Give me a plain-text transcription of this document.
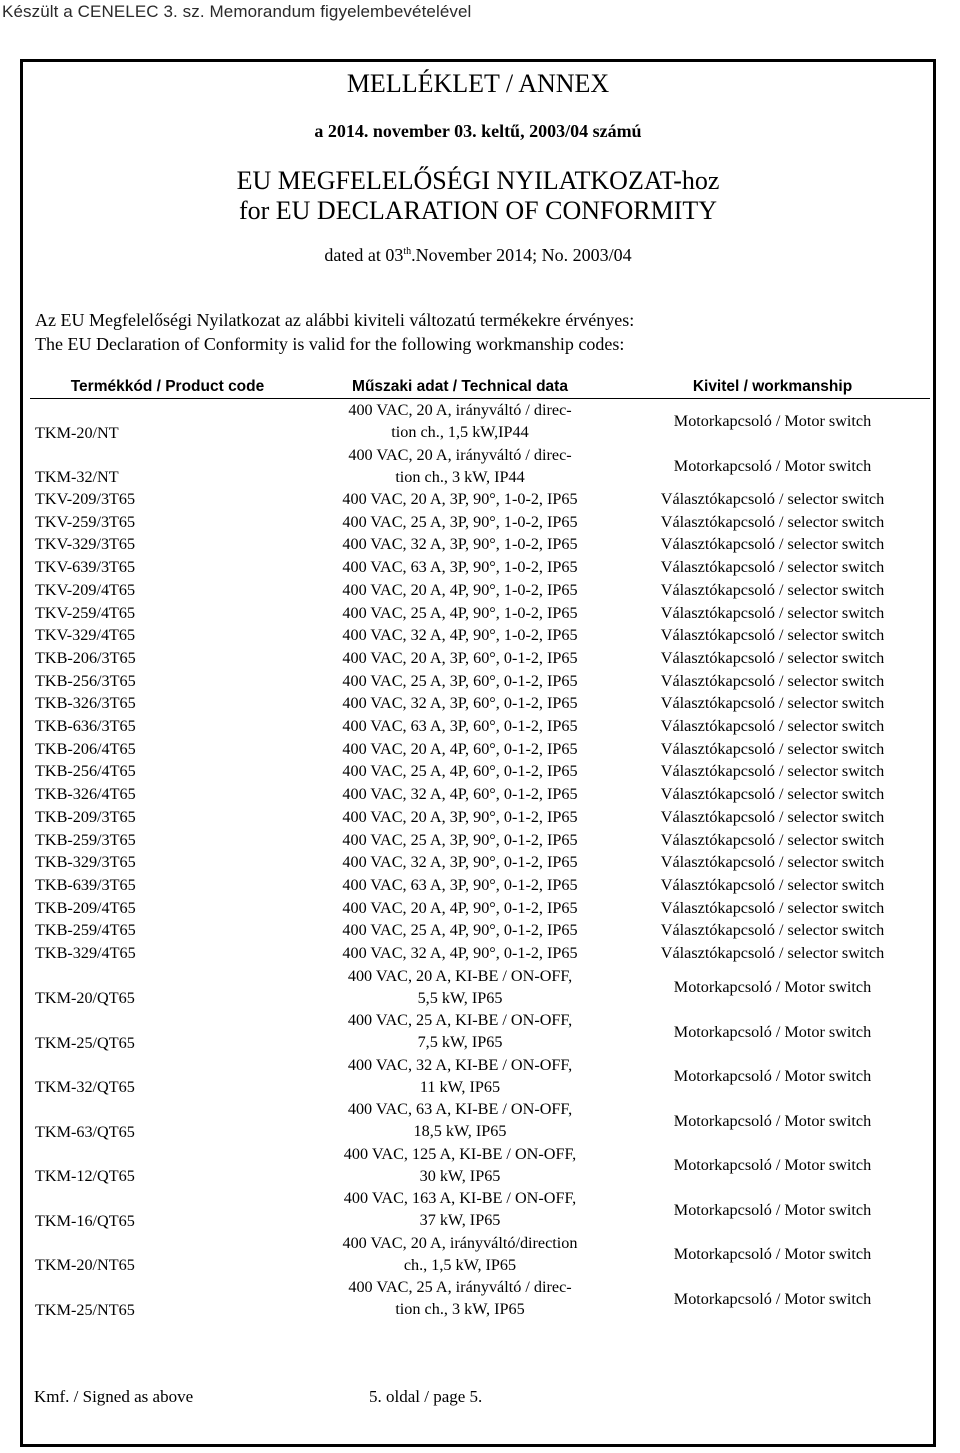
Készült a CENELEC 3. sz. Memorandum figyelembevételével
MELLÉKLET / ANNEX
a 2014. november 03. keltű, 2003/04 számú
EU MEGFELELŐSÉGI NYILATKOZAT-hoz
for EU DECLARATION OF CONFORMITY
dated at 03th.November 2014; No. 2003/04
Az EU Megfelelőségi Nyilatkozat az alábbi kiviteli változatú termékekre érvényes:
The EU Declaration of Conformity is valid for the following workmanship codes:
Termékkód / Product code	Műszaki adat / Technical data	Kivitel / workmanship
TKM-20/NT	400 VAC, 20 A, irányváltó / direc-
tion ch., 1,5 kW,IP44	Motorkapcsoló / Motor switch
TKM-32/NT	400 VAC, 20 A, irányváltó / direc-
tion ch., 3 kW, IP44	Motorkapcsoló / Motor switch
TKV-209/3T65	400 VAC, 20 A, 3P, 90°, 1-0-2, IP65	Választókapcsoló / selector switch
TKV-259/3T65	400 VAC, 25 A, 3P, 90°, 1-0-2, IP65	Választókapcsoló / selector switch
TKV-329/3T65	400 VAC, 32 A, 3P, 90°, 1-0-2, IP65	Választókapcsoló / selector switch
TKV-639/3T65	400 VAC, 63 A, 3P, 90°, 1-0-2, IP65	Választókapcsoló / selector switch
TKV-209/4T65	400 VAC, 20 A, 4P, 90°, 1-0-2, IP65	Választókapcsoló / selector switch
TKV-259/4T65	400 VAC, 25 A, 4P, 90°, 1-0-2, IP65	Választókapcsoló / selector switch
TKV-329/4T65	400 VAC, 32 A, 4P, 90°, 1-0-2, IP65	Választókapcsoló / selector switch
TKB-206/3T65	400 VAC, 20 A, 3P, 60°, 0-1-2, IP65	Választókapcsoló / selector switch
TKB-256/3T65	400 VAC, 25 A, 3P, 60°, 0-1-2, IP65	Választókapcsoló / selector switch
TKB-326/3T65	400 VAC, 32 A, 3P, 60°, 0-1-2, IP65	Választókapcsoló / selector switch
TKB-636/3T65	400 VAC, 63 A, 3P, 60°, 0-1-2, IP65	Választókapcsoló / selector switch
TKB-206/4T65	400 VAC, 20 A, 4P, 60°, 0-1-2, IP65	Választókapcsoló / selector switch
TKB-256/4T65	400 VAC, 25 A, 4P, 60°, 0-1-2, IP65	Választókapcsoló / selector switch
TKB-326/4T65	400 VAC, 32 A, 4P, 60°, 0-1-2, IP65	Választókapcsoló / selector switch
TKB-209/3T65	400 VAC, 20 A, 3P, 90°, 0-1-2, IP65	Választókapcsoló / selector switch
TKB-259/3T65	400 VAC, 25 A, 3P, 90°, 0-1-2, IP65	Választókapcsoló / selector switch
TKB-329/3T65	400 VAC, 32 A, 3P, 90°, 0-1-2, IP65	Választókapcsoló / selector switch
TKB-639/3T65	400 VAC, 63 A, 3P, 90°, 0-1-2, IP65	Választókapcsoló / selector switch
TKB-209/4T65	400 VAC, 20 A, 4P, 90°, 0-1-2, IP65	Választókapcsoló / selector switch
TKB-259/4T65	400 VAC, 25 A, 4P, 90°, 0-1-2, IP65	Választókapcsoló / selector switch
TKB-329/4T65	400 VAC, 32 A, 4P, 90°, 0-1-2, IP65	Választókapcsoló / selector switch
TKM-20/QT65	400 VAC, 20 A, KI-BE / ON-OFF,
5,5 kW, IP65	Motorkapcsoló / Motor switch
TKM-25/QT65	400 VAC, 25 A, KI-BE / ON-OFF,
7,5 kW, IP65	Motorkapcsoló / Motor switch
TKM-32/QT65	400 VAC, 32 A, KI-BE / ON-OFF,
11 kW, IP65	Motorkapcsoló / Motor switch
TKM-63/QT65	400 VAC, 63 A, KI-BE / ON-OFF,
18,5 kW, IP65	Motorkapcsoló / Motor switch
TKM-12/QT65	400 VAC, 125 A, KI-BE / ON-OFF,
30 kW, IP65	Motorkapcsoló / Motor switch
TKM-16/QT65	400 VAC, 163 A, KI-BE / ON-OFF,
37 kW, IP65	Motorkapcsoló / Motor switch
TKM-20/NT65	400 VAC, 20 A, irányváltó/direction
ch., 1,5 kW, IP65	Motorkapcsoló / Motor switch
TKM-25/NT65	400 VAC, 25 A, irányváltó / direc-
tion ch., 3 kW, IP65	Motorkapcsoló / Motor switch
Kmf. / Signed as above	5. oldal / page 5.
